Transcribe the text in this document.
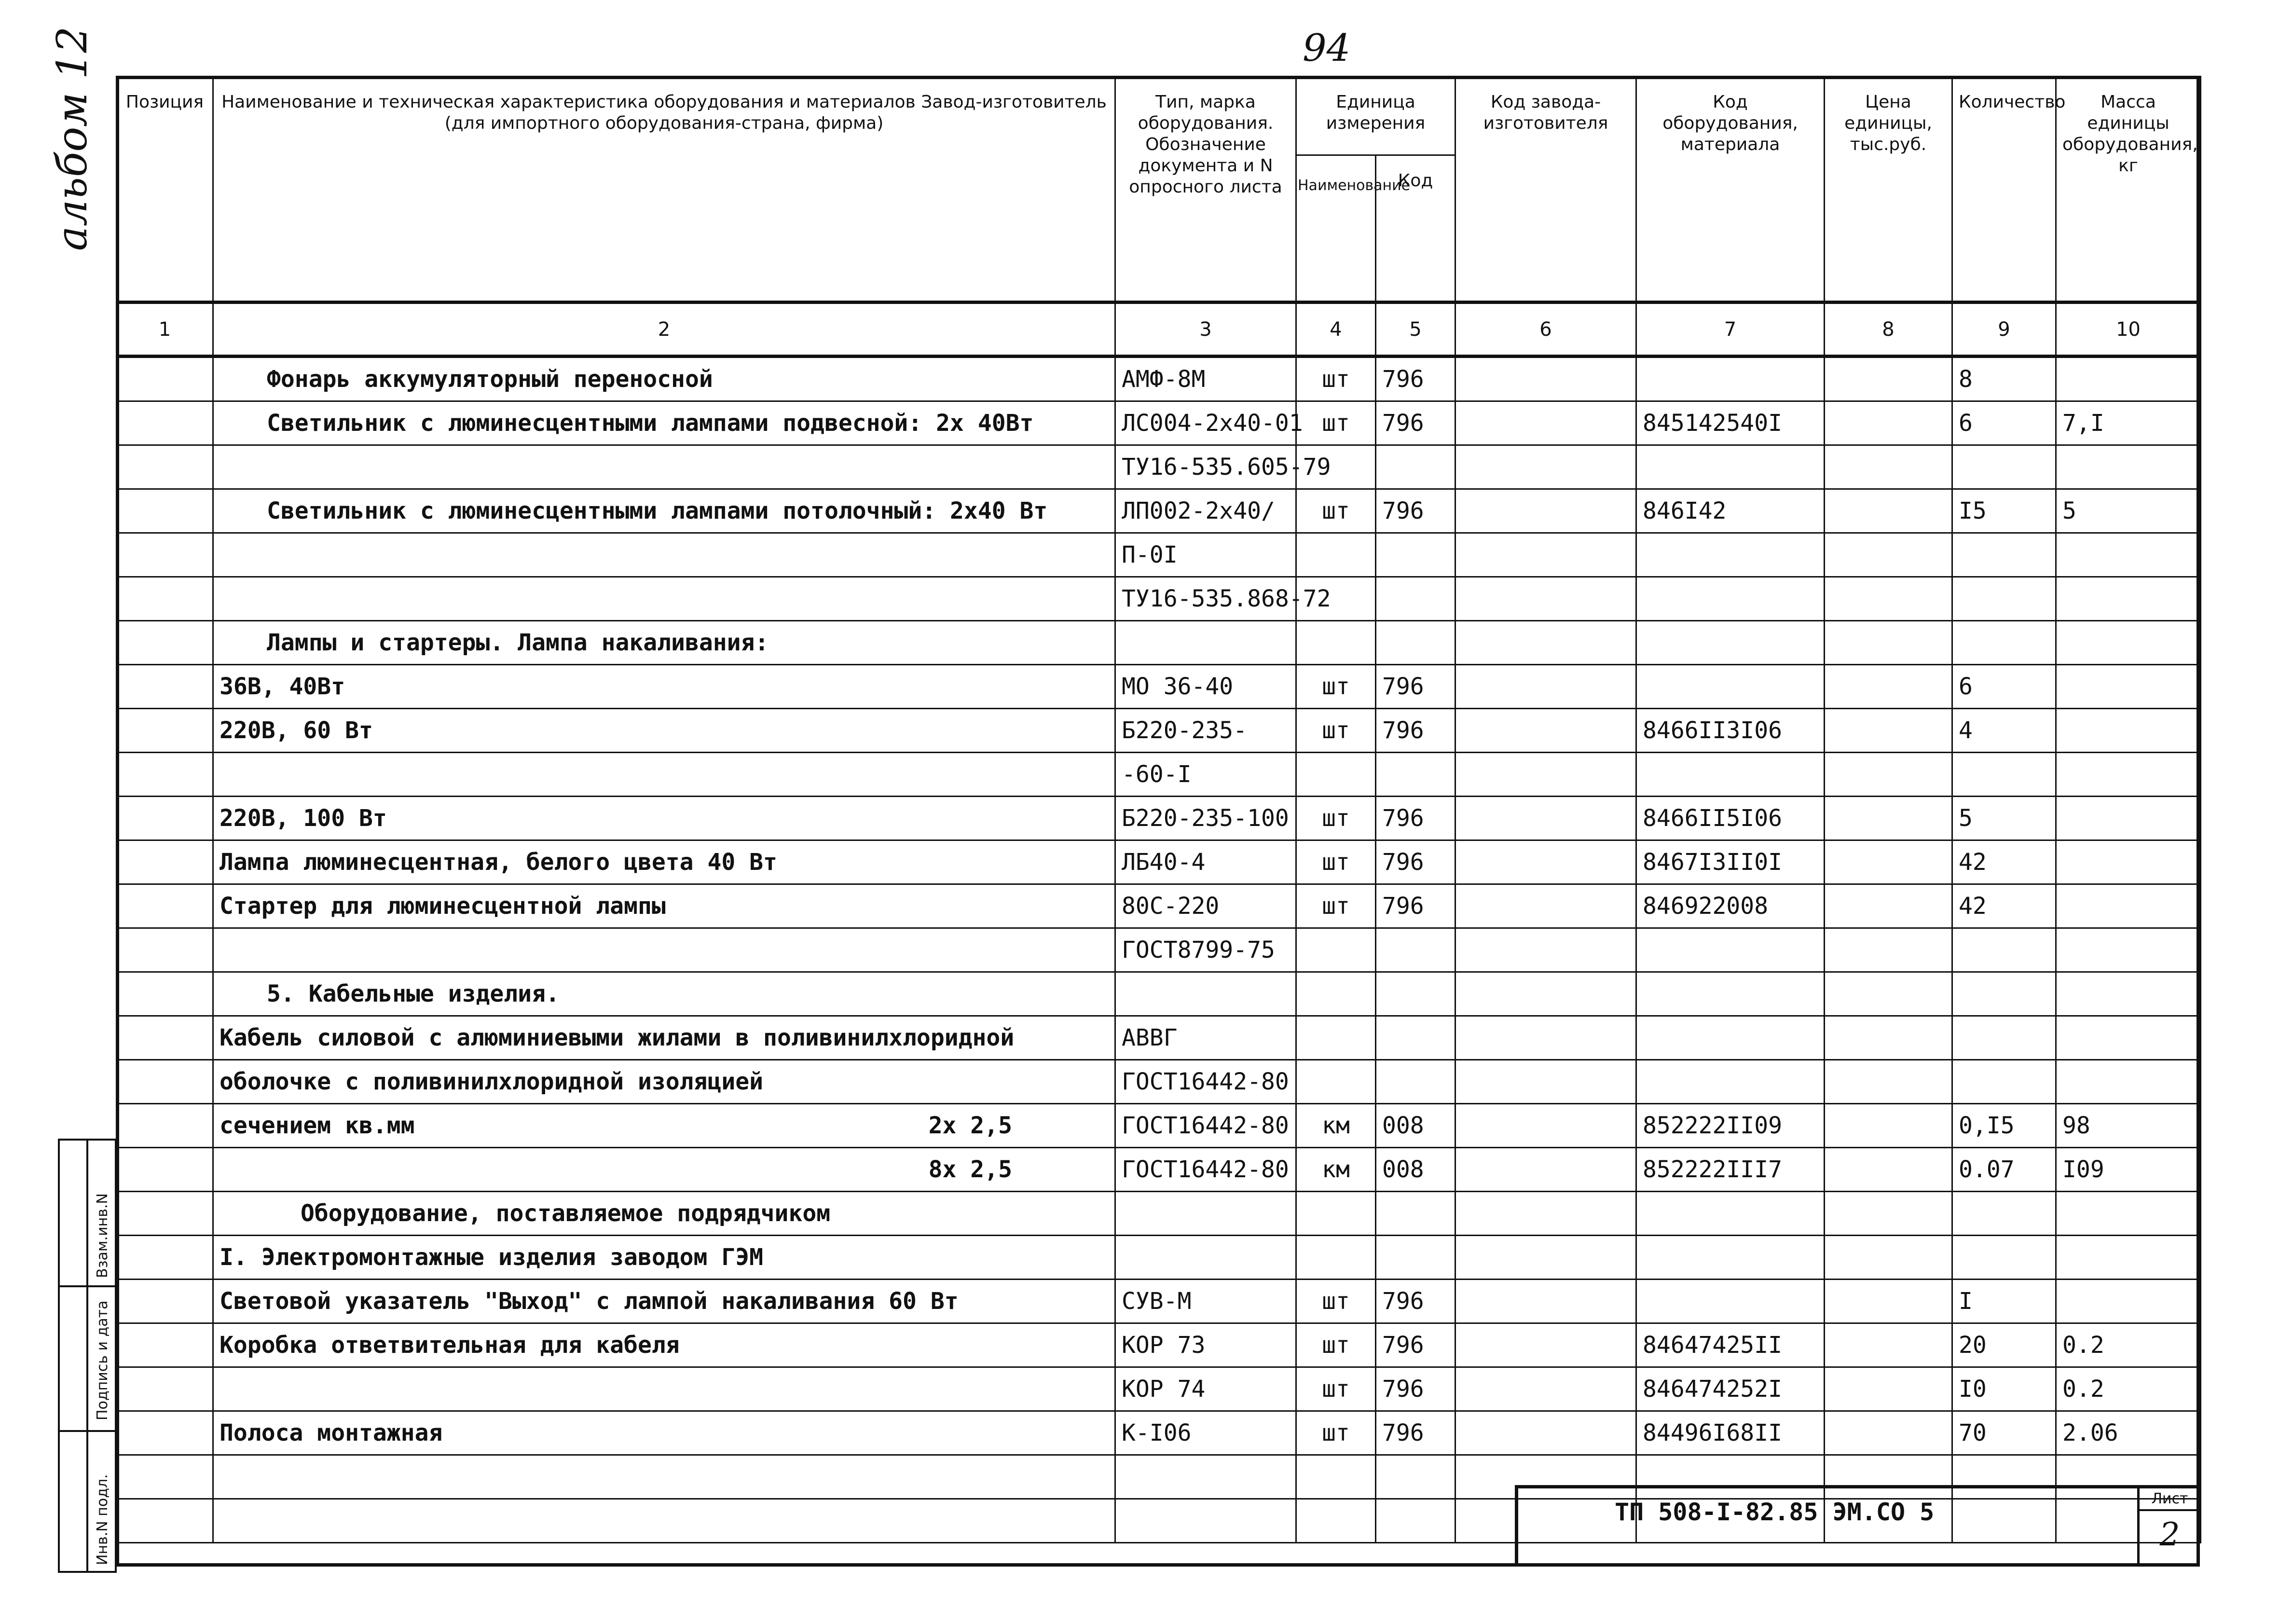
94
альбом 12 Позиция	Наименование и техническая характеристика оборудования и материалов Завод-изготовитель (для импортного оборудования-страна, фирма)	Тип, марка оборудования. Обозначение документа и N опросного листа	Единица измерения		Код завода-изготовителя	Код оборудования, материала	Цена единицы, тыс.руб.	Количество	Масса единицы оборудования, кг
			Наименование	Код					
1	2	3	4	5	6	7	8	9	10
	Фонарь аккумуляторный переносной	АМФ-8М	шт	796				8	
	Светильник с люминесцентными лампами подвесной: 2х 40Вт	ЛС004-2х40-01	шт	796		845142540I		6	7,I
		ТУ16-535.605-79							
	Светильник с люминесцентными лампами потолочный: 2х40 Вт	ЛП002-2х40/	шт	796		846I42		I5	5
		П-0I							
		ТУ16-535.868-72							
	Лампы и стартеры. Лампа накаливания:								
	36В, 40Вт	МО 36-40	шт	796				6	
	220В, 60 Вт	Б220-235-	шт	796		8466II3I06		4	
		-60-I							
	220В, 100 Вт	Б220-235-100	шт	796		8466II5I06		5	
	Лампа люминесцентная, белого цвета 40 Вт	ЛБ40-4	шт	796		8467I3II0I		42	
	Стартер для люминесцентной лампы	80С-220	шт	796		846922008		42	
		ГОСТ8799-75							
	5. Кабельные изделия.								
	Кабель силовой с алюминиевыми жилами в поливинилхлоридной	АВВГ							
	оболочке с поливинилхлоридной изоляцией	ГОСТ16442-80							

	сечением кв.мм 2х 2,5	ГОСТ16442-80	км	008		852222II09		0,I5	98

	8х 2,5	ГОСТ16442-80	км	008		852222III7		0.07	I09
	Оборудование, поставляемое подрядчиком								
	I. Электромонтажные изделия заводом ГЭМ								
	Световой указатель "Выход" с лампой накаливания 60 Вт	СУВ-М	шт	796				I	
	Коробка ответвительная для кабеля	КОР 73	шт	796		84647425II		20	0.2
		КОР 74	шт	796		846474252I		I0	0.2
	Полоса монтажная	К-I06	шт	796		84496I68II		70	2.06

Инв.N подл.
Подпись и дата
Взам.инв.N
ТП 508-I-82.85 ЭМ.СО 5	Лист
2
